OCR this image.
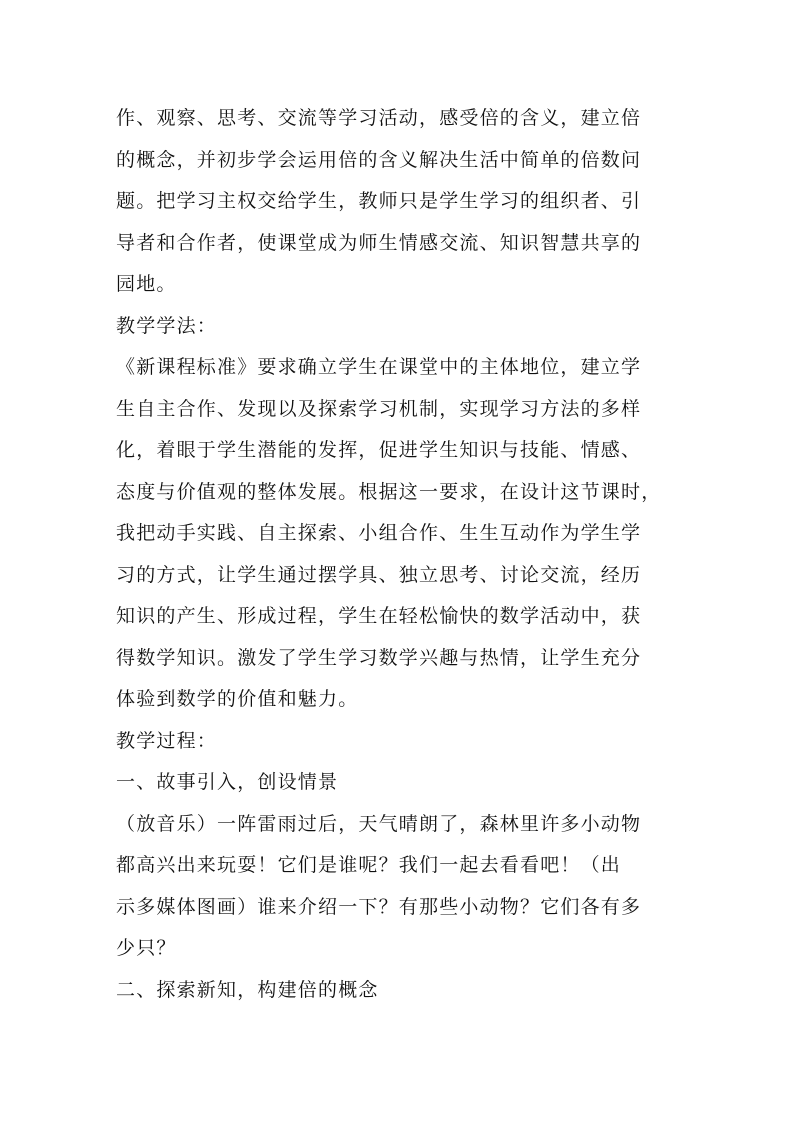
作、观察、思考、交流等学习活动，感受倍的含义，建立倍
的概念，并初步学会运用倍的含义解决生活中简单的倍数问
题。把学习主权交给学生，教师只是学生学习的组织者、引
导者和合作者，使课堂成为师生情感交流、知识智慧共享的
园地。
教学学法：
《新课程标准》要求确立学生在课堂中的主体地位，建立学
生自主合作、发现以及探索学习机制，实现学习方法的多样
化，着眼于学生潜能的发挥，促进学生知识与技能、情感、
态度与价值观的整体发展。根据这一要求，在设计这节课时，
我把动手实践、自主探索、小组合作、生生互动作为学生学
习的方式，让学生通过摆学具、独立思考、讨论交流，经历
知识的产生、形成过程，学生在轻松愉快的数学活动中，获
得数学知识。激发了学生学习数学兴趣与热情，让学生充分
体验到数学的价值和魅力。
教学过程：
一、故事引入，创设情景
（放音乐）一阵雷雨过后，天气晴朗了，森林里许多小动物
都高兴出来玩耍！它们是谁呢？我们一起去看看吧！（出
示多媒体图画）谁来介绍一下？有那些小动物？它们各有多
少只？
二、探索新知，构建倍的概念
